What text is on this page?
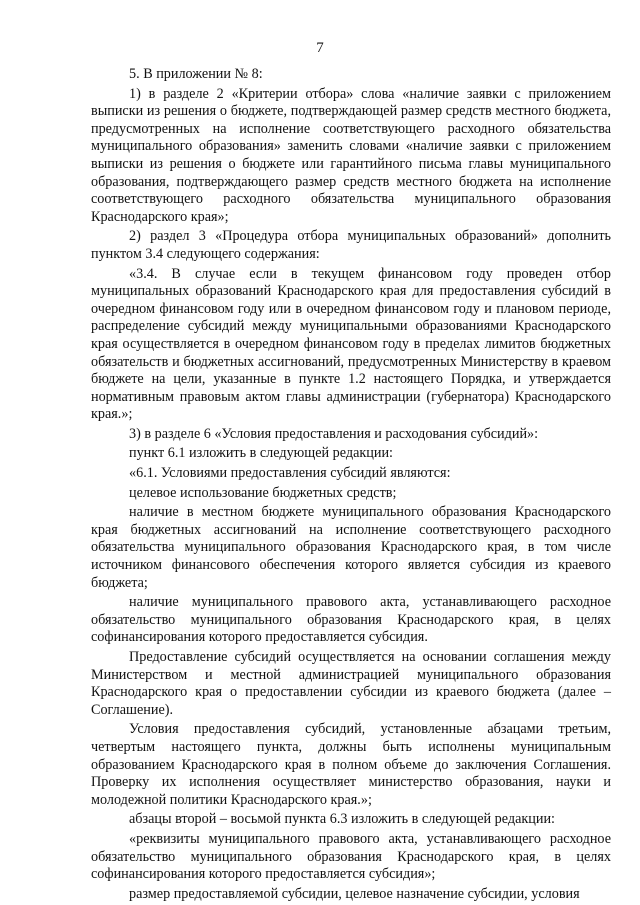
7

5. В приложении № 8:

1) в разделе 2 «Критерии отбора» слова «наличие заявки с приложением выписки из решения о бюджете, подтверждающей размер средств местного бюджета, предусмотренных на исполнение соответствующего расходного обязательства муниципального образования» заменить словами «наличие заявки с приложением выписки из решения о бюджете или гарантийного письма главы муниципального образования, подтверждающего размер средств местного бюджета на исполнение соответствующего расходного обязательства муниципального образования Краснодарского края»;

2) раздел 3 «Процедура отбора муниципальных образований» дополнить пунктом 3.4 следующего содержания:

«3.4. В случае если в текущем финансовом году проведен отбор муниципальных образований Краснодарского края для предоставления субсидий в очередном финансовом году или в очередном финансовом году и плановом периоде, распределение субсидий между муниципальными образованиями Краснодарского края осуществляется в очередном финансовом году в пределах лимитов бюджетных обязательств и бюджетных ассигнований, предусмотренных Министерству в краевом бюджете на цели, указанные в пункте 1.2 настоящего Порядка, и утверждается нормативным правовым актом главы администрации (губернатора) Краснодарского края.»;

3) в разделе 6 «Условия предоставления и расходования субсидий»:

пункт 6.1 изложить в следующей редакции:

«6.1. Условиями предоставления субсидий являются:

целевое использование бюджетных средств;

наличие в местном бюджете муниципального образования Краснодарского края бюджетных ассигнований на исполнение соответствующего расходного обязательства муниципального образования Краснодарского края, в том числе источником финансового обеспечения которого является субсидия из краевого бюджета;

наличие муниципального правового акта, устанавливающего расходное обязательство муниципального образования Краснодарского края, в целях софинансирования которого предоставляется субсидия.

Предоставление субсидий осуществляется на основании соглашения между Министерством и местной администрацией муниципального образования Краснодарского края о предоставлении субсидии из краевого бюджета (далее – Соглашение).

Условия предоставления субсидий, установленные абзацами третьим, четвертым настоящего пункта, должны быть исполнены муниципальным образованием Краснодарского края в полном объеме до заключения Соглашения. Проверку их исполнения осуществляет министерство образования, науки и молодежной политики Краснодарского края.»;

абзацы второй – восьмой пункта 6.3 изложить в следующей редакции:

«реквизиты муниципального правового акта, устанавливающего расходное обязательство муниципального образования Краснодарского края, в целях софинансирования которого предоставляется субсидия»;

размер предоставляемой субсидии, целевое назначение субсидии, условия
